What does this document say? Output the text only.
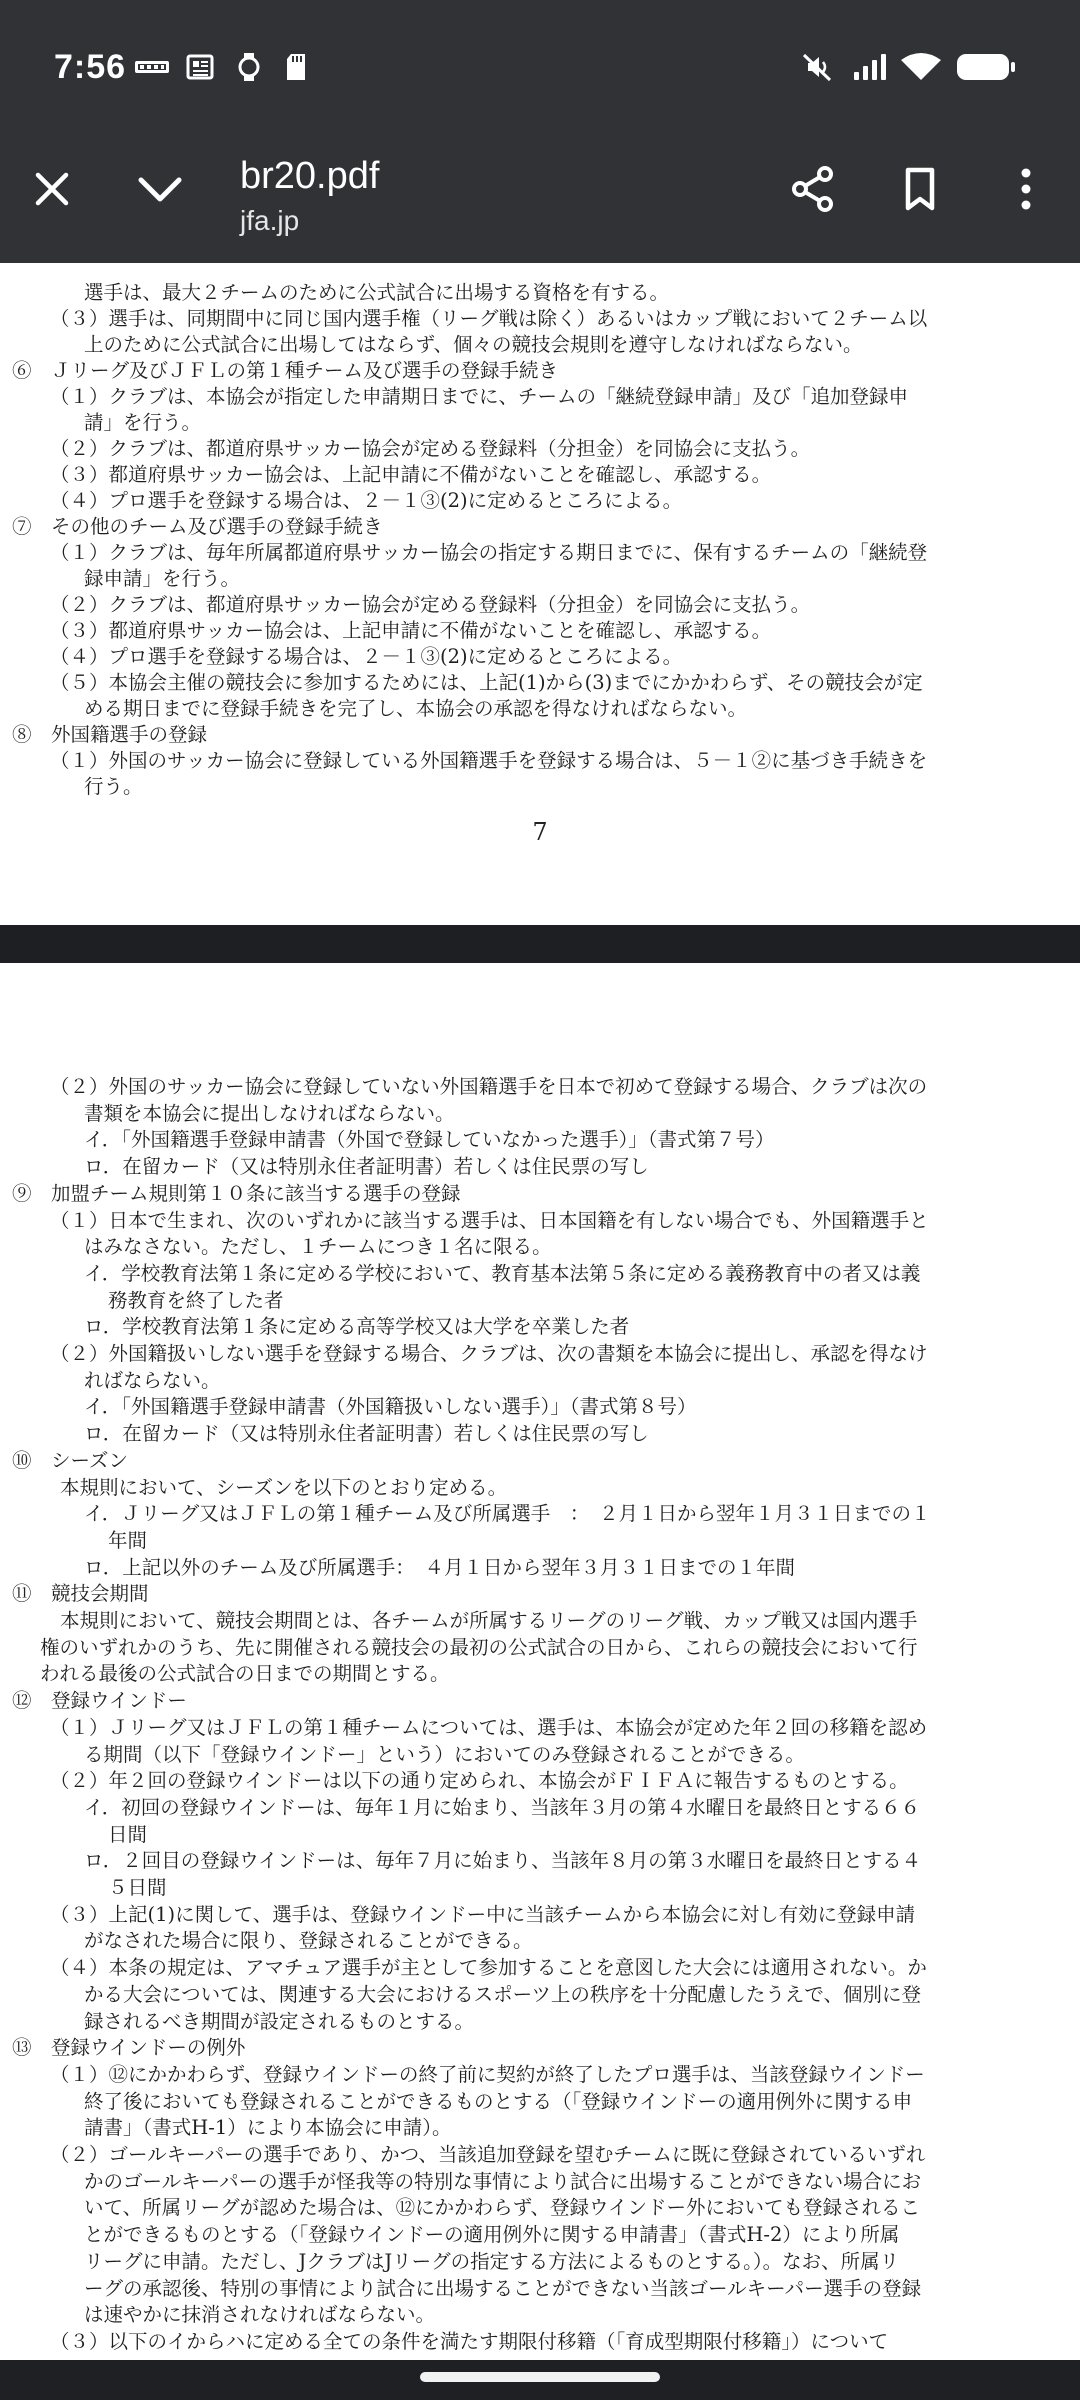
7:56
br20.pdf
jfa.jp
選手は、最大２チームのために公式試合に出場する資格を有する。
（３）選手は、同期間中に同じ国内選手権（リーグ戦は除く）あるいはカップ戦において２チーム以
上のために公式試合に出場してはならず、個々の競技会規則を遵守しなければならない。
⑥　Ｊリーグ及びＪＦＬの第１種チーム及び選手の登録手続き
（１）クラブは、本協会が指定した申請期日までに、チームの「継続登録申請」及び「追加登録申
請」を行う。
（２）クラブは、都道府県サッカー協会が定める登録料（分担金）を同協会に支払う。
（３）都道府県サッカー協会は、上記申請に不備がないことを確認し、承認する。
（４）プロ選手を登録する場合は、２－１③(2)に定めるところによる。
⑦　その他のチーム及び選手の登録手続き
（１）クラブは、毎年所属都道府県サッカー協会の指定する期日までに、保有するチームの「継続登
録申請」を行う。
（２）クラブは、都道府県サッカー協会が定める登録料（分担金）を同協会に支払う。
（３）都道府県サッカー協会は、上記申請に不備がないことを確認し、承認する。
（４）プロ選手を登録する場合は、２－１③(2)に定めるところによる。
（５）本協会主催の競技会に参加するためには、上記(1)から(3)までにかかわらず、その競技会が定
める期日までに登録手続きを完了し、本協会の承認を得なければならない。
⑧　外国籍選手の登録
（１）外国のサッカー協会に登録している外国籍選手を登録する場合は、５－１②に基づき手続きを
行う。
7
（２）外国のサッカー協会に登録していない外国籍選手を日本で初めて登録する場合、クラブは次の
書類を本協会に提出しなければならない。
イ．「外国籍選手登録申請書（外国で登録していなかった選手）」（書式第７号）
ロ．在留カード（又は特別永住者証明書）若しくは住民票の写し
⑨　加盟チーム規則第１０条に該当する選手の登録
（１）日本で生まれ、次のいずれかに該当する選手は、日本国籍を有しない場合でも、外国籍選手と
はみなさない。ただし、１チームにつき１名に限る。
イ．学校教育法第１条に定める学校において、教育基本法第５条に定める義務教育中の者又は義
務教育を終了した者
ロ．学校教育法第１条に定める高等学校又は大学を卒業した者
（２）外国籍扱いしない選手を登録する場合、クラブは、次の書類を本協会に提出し、承認を得なけ
ればならない。
イ．「外国籍選手登録申請書（外国籍扱いしない選手）」（書式第８号）
ロ．在留カード（又は特別永住者証明書）若しくは住民票の写し
⑩　シーズン
本規則において、シーズンを以下のとおり定める。
イ．Ｊリーグ又はＪＦＬの第１種チーム及び所属選手　：　２月１日から翌年１月３１日までの１
年間
ロ．上記以外のチーム及び所属選手：　４月１日から翌年３月３１日までの１年間
⑪　競技会期間
本規則において、競技会期間とは、各チームが所属するリーグのリーグ戦、カップ戦又は国内選手
権のいずれかのうち、先に開催される競技会の最初の公式試合の日から、これらの競技会において行
われる最後の公式試合の日までの期間とする。
⑫　登録ウインドー
（１）Ｊリーグ又はＪＦＬの第１種チームについては、選手は、本協会が定めた年２回の移籍を認め
る期間（以下「登録ウインドー」という）においてのみ登録されることができる。
（２）年２回の登録ウインドーは以下の通り定められ、本協会がＦＩＦＡに報告するものとする。
イ．初回の登録ウインドーは、毎年１月に始まり、当該年３月の第４水曜日を最終日とする６６
日間
ロ．２回目の登録ウインドーは、毎年７月に始まり、当該年８月の第３水曜日を最終日とする４
５日間
（３）上記(1)に関して、選手は、登録ウインドー中に当該チームから本協会に対し有効に登録申請
がなされた場合に限り、登録されることができる。
（４）本条の規定は、アマチュア選手が主として参加することを意図した大会には適用されない。か
かる大会については、関連する大会におけるスポーツ上の秩序を十分配慮したうえで、個別に登
録されるべき期間が設定されるものとする。
⑬　登録ウインドーの例外
（１）⑫にかかわらず、登録ウインドーの終了前に契約が終了したプロ選手は、当該登録ウインドー
終了後においても登録されることができるものとする（「登録ウインドーの適用例外に関する申
請書」（書式H-1）により本協会に申請）。
（２）ゴールキーパーの選手であり、かつ、当該追加登録を望むチームに既に登録されているいずれ
かのゴールキーパーの選手が怪我等の特別な事情により試合に出場することができない場合にお
いて、所属リーグが認めた場合は、⑫にかかわらず、登録ウインドー外においても登録されるこ
とができるものとする（「登録ウインドーの適用例外に関する申請書」（書式H-2）により所属
リーグに申請。ただし、JクラブはJリーグの指定する方法によるものとする。）。なお、所属リ
ーグの承認後、特別の事情により試合に出場することができない当該ゴールキーパー選手の登録
は速やかに抹消されなければならない。
（３）以下のイからハに定める全ての条件を満たす期限付移籍（「育成型期限付移籍」）について
